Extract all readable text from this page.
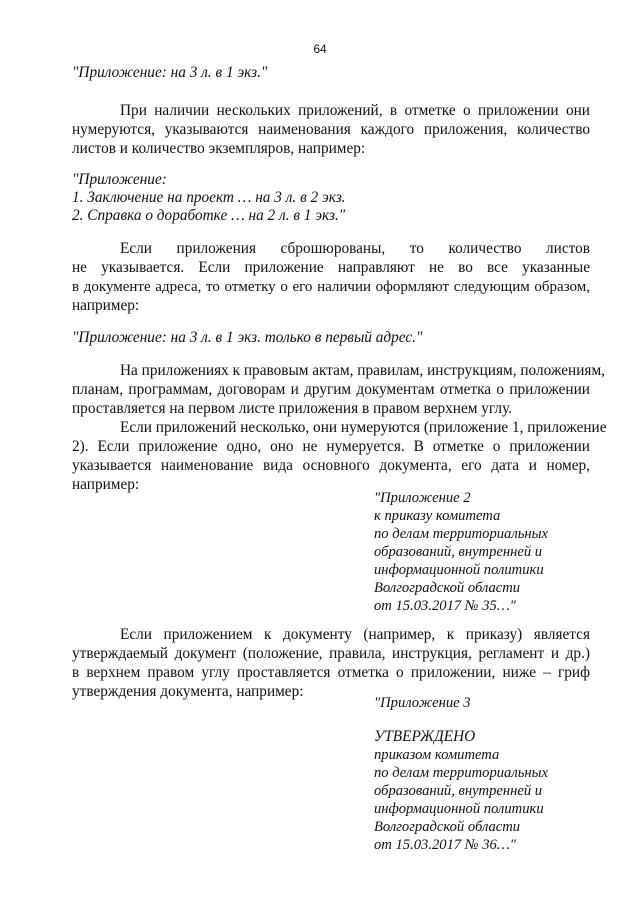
64
"Приложение: на 3 л. в 1 экз."
При наличии нескольких приложений, в отметке о приложении они
нумеруются, указываются наименования каждого приложения, количество
листов и количество экземпляров, например:
"Приложение:
1. Заключение на проект … на 3 л. в 2 экз.
2. Справка о доработке … на 2 л. в 1 экз."
Если приложения сброшюрованы, то количество листов
не указывается. Если приложение направляют не во все указанные
в документе адреса, то отметку о его наличии оформляют следующим образом,
например:
"Приложение: на 3 л. в 1 экз. только в первый адрес."
На приложениях к правовым актам, правилам, инструкциям, положениям,
планам, программам, договорам и другим документам отметка о приложении
проставляется на первом листе приложения в правом верхнем углу.
Если приложений несколько, они нумеруются (приложение 1, приложение
2). Если приложение одно, оно не нумеруется. В отметке о приложении
указывается наименование вида основного документа, его дата и номер,
например:
"Приложение 2
к приказу комитета
по делам территориальных
образований, внутренней и
информационной политики
Волгоградской области
от 15.03.2017 № 35…"
Если приложением к документу (например, к приказу) является
утверждаемый документ (положение, правила, инструкция, регламент и др.)
в верхнем правом углу проставляется отметка о приложении, ниже – гриф
утверждения документа, например:
"Приложение 3
УТВЕРЖДЕНО
приказом комитета
по делам территориальных
образований, внутренней и
информационной политики
Волгоградской области
от 15.03.2017 № 36…"
